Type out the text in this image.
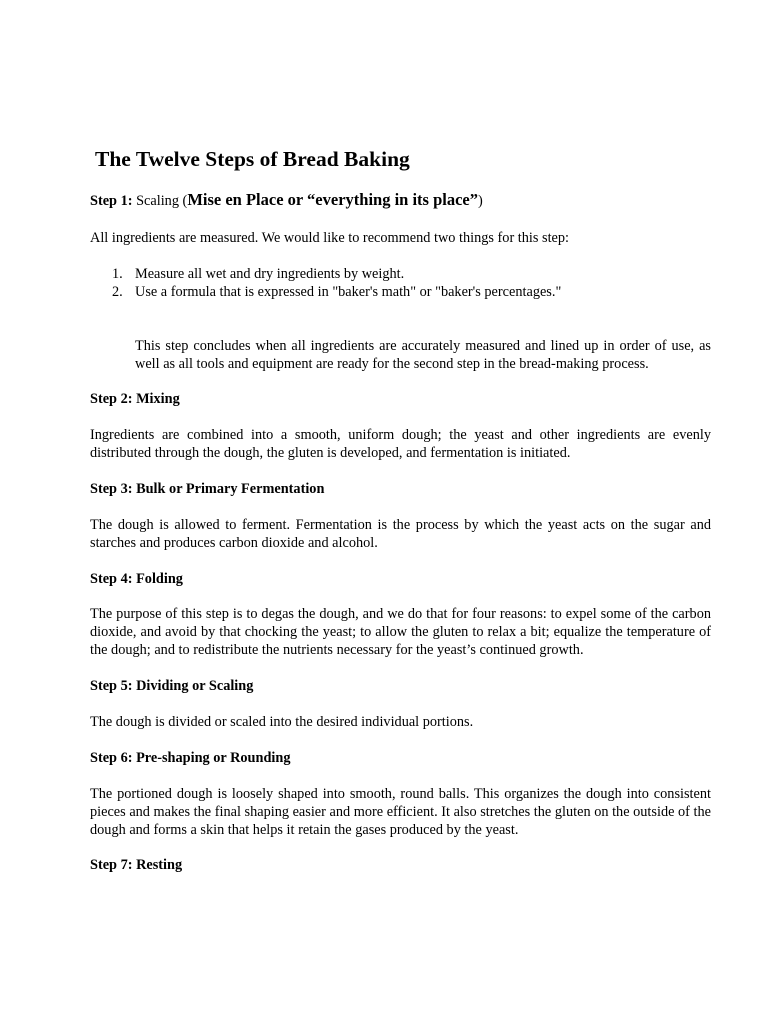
The Twelve Steps of Bread Baking

Step 1: Scaling (Mise en Place or “everything in its place”)

All ingredients are measured. We would like to recommend two things for this step:

1. Measure all wet and dry ingredients by weight.
2. Use a formula that is expressed in "baker's math" or "baker's percentages."

This step concludes when all ingredients are accurately measured and lined up in order of use, as well as all tools and equipment are ready for the second step in the bread-making process.

Step 2: Mixing

Ingredients are combined into a smooth, uniform dough; the yeast and other ingredients are evenly distributed through the dough, the gluten is developed, and fermentation is initiated.

Step 3: Bulk or Primary Fermentation

The dough is allowed to ferment. Fermentation is the process by which the yeast acts on the sugar and starches and produces carbon dioxide and alcohol.

Step 4: Folding

The purpose of this step is to degas the dough, and we do that for four reasons: to expel some of the carbon dioxide, and avoid by that chocking the yeast; to allow the gluten to relax a bit; equalize the temperature of the dough; and to redistribute the nutrients necessary for the yeast’s continued growth.

Step 5: Dividing or Scaling

The dough is divided or scaled into the desired individual portions.

Step 6: Pre-shaping or Rounding

The portioned dough is loosely shaped into smooth, round balls. This organizes the dough into consistent pieces and makes the final shaping easier and more efficient. It also stretches the gluten on the outside of the dough and forms a skin that helps it retain the gases produced by the yeast.

Step 7: Resting
